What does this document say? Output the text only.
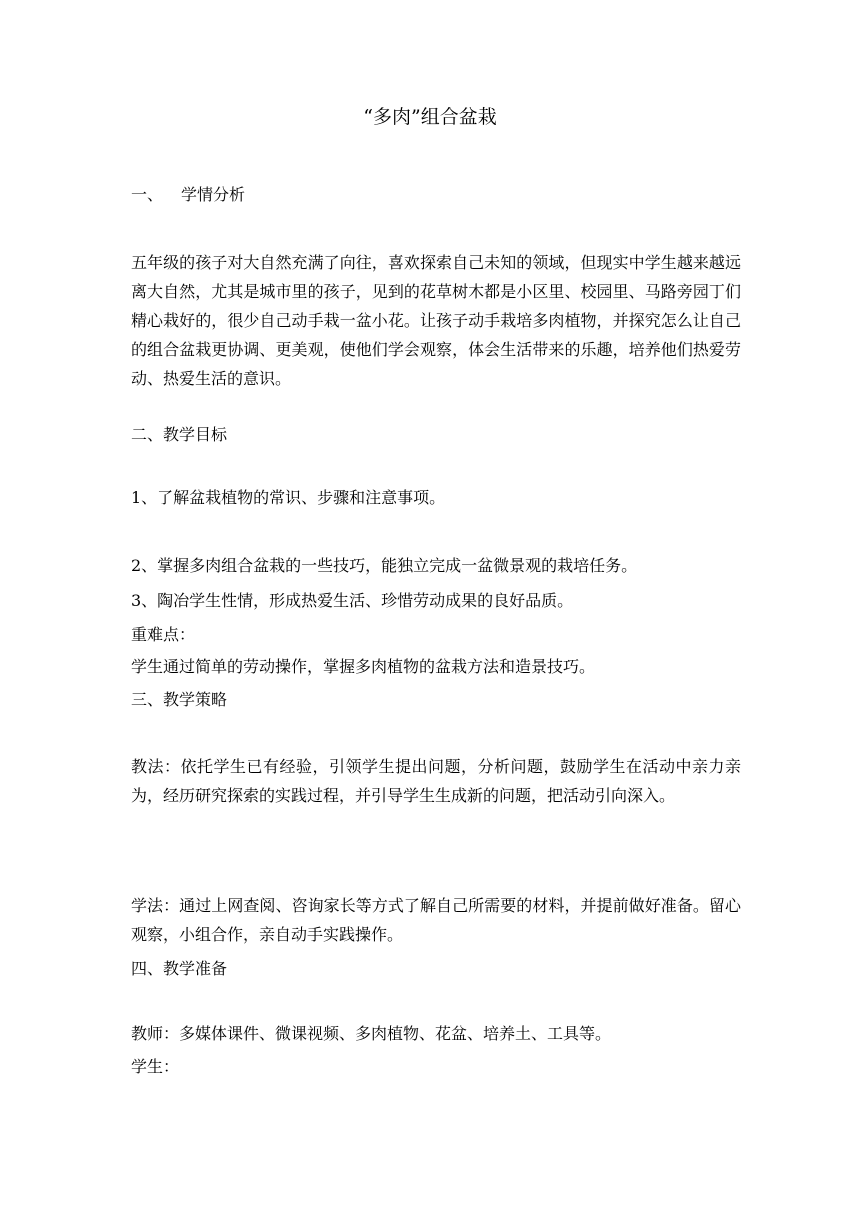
“多肉”组合盆栽
一、 学情分析
五年级的孩子对大自然充满了向往，喜欢探索自己未知的领域，但现实中学生越来越远离大自然，尤其是城市里的孩子，见到的花草树木都是小区里、校园里、马路旁园丁们精心栽好的，很少自己动手栽一盆小花。让孩子动手栽培多肉植物，并探究怎么让自己的组合盆栽更协调、更美观，使他们学会观察，体会生活带来的乐趣，培养他们热爱劳动、热爱生活的意识。
二、教学目标
1、了解盆栽植物的常识、步骤和注意事项。
2、掌握多肉组合盆栽的一些技巧，能独立完成一盆微景观的栽培任务。
3、陶冶学生性情，形成热爱生活、珍惜劳动成果的良好品质。
重难点：
学生通过简单的劳动操作，掌握多肉植物的盆栽方法和造景技巧。
三、教学策略
教法：依托学生已有经验，引领学生提出问题，分析问题，鼓励学生在活动中亲力亲为，经历研究探索的实践过程，并引导学生生成新的问题，把活动引向深入。
学法：通过上网查阅、咨询家长等方式了解自己所需要的材料，并提前做好准备。留心观察，小组合作，亲自动手实践操作。
四、教学准备
教师：多媒体课件、微课视频、多肉植物、花盆、培养土、工具等。
学生：
